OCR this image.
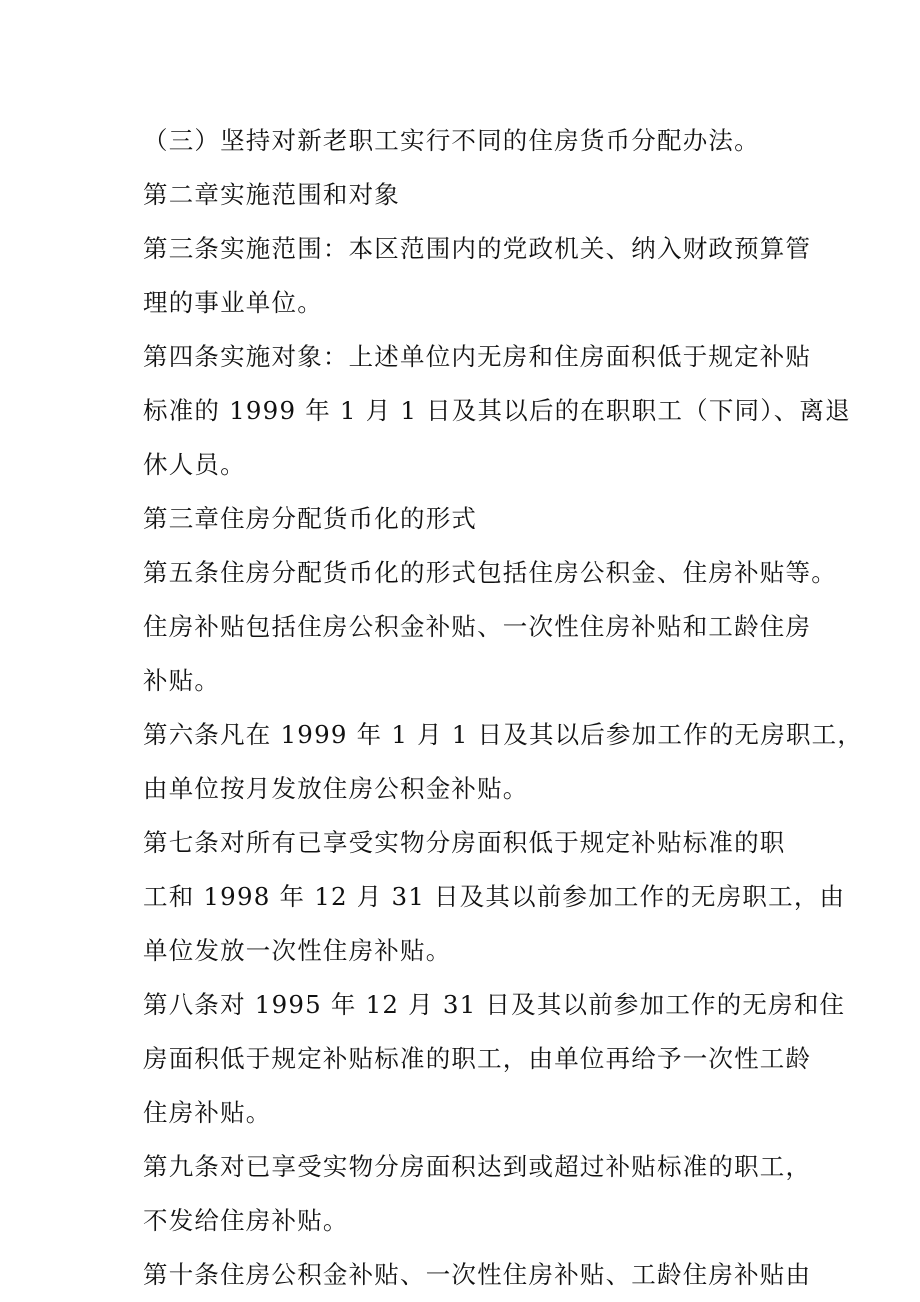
（三）坚持对新老职工实行不同的住房货币分配办法。
第二章实施范围和对象
第三条实施范围：本区范围内的党政机关、纳入财政预算管
理的事业单位。
第四条实施对象：上述单位内无房和住房面积低于规定补贴
标准的 1999 年 1 月 1 日及其以后的在职职工（下同）、离退
休人员。
第三章住房分配货币化的形式
第五条住房分配货币化的形式包括住房公积金、住房补贴等。
住房补贴包括住房公积金补贴、一次性住房补贴和工龄住房
补贴。
第六条凡在 1999 年 1 月 1 日及其以后参加工作的无房职工，
由单位按月发放住房公积金补贴。
第七条对所有已享受实物分房面积低于规定补贴标准的职
工和 1998 年 12 月 31 日及其以前参加工作的无房职工，由
单位发放一次性住房补贴。
第八条对 1995 年 12 月 31 日及其以前参加工作的无房和住
房面积低于规定补贴标准的职工，由单位再给予一次性工龄
住房补贴。
第九条对已享受实物分房面积达到或超过补贴标准的职工，
不发给住房补贴。
第十条住房公积金补贴、一次性住房补贴、工龄住房补贴由
